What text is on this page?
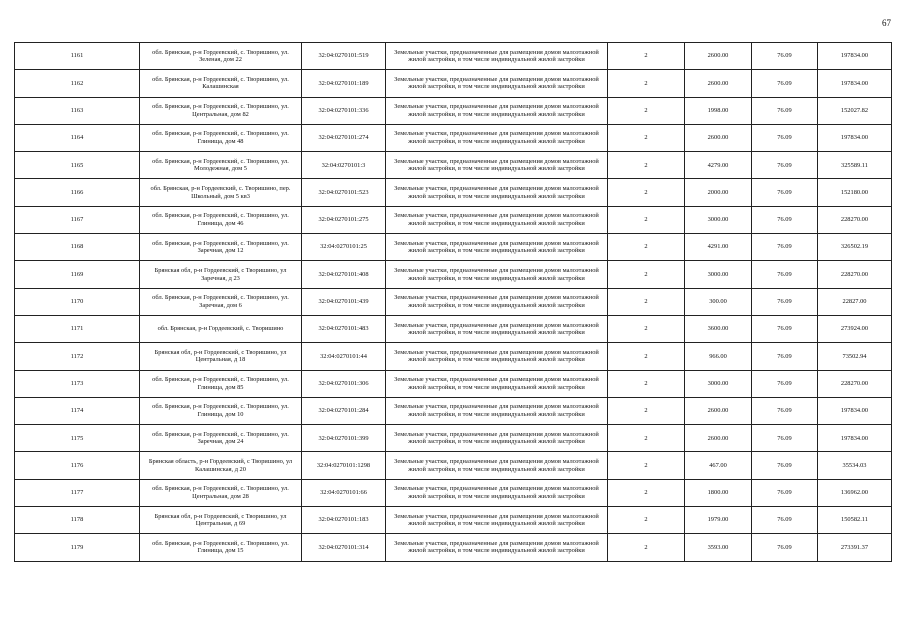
67
1161	обл. Брянская, р-н Гордеевский, с. Творишино, ул. Зеленая, дом 22	32:04:0270101:519	Земельные участки, предназначенные для размещения домов малоэтажной жилой застройки, в том числе индивидуальной жилой застройки	2	2600.00	76.09	197834.00
1162	обл. Брянская, р-н Гордеевский, с. Творишино, ул. Калашинская	32:04:0270101:189	Земельные участки, предназначенные для размещения домов малоэтажной жилой застройки, в том числе индивидуальной жилой застройки	2	2600.00	76.09	197834.00
1163	обл. Брянская, р-н Гордеевский, с. Творишино, ул. Центральная, дом 82	32:04:0270101:336	Земельные участки, предназначенные для размещения домов малоэтажной жилой застройки, в том числе индивидуальной жилой застройки	2	1998.00	76.09	152027.82
1164	обл. Брянская, р-н Гордеевский, с. Творишино, ул. Глинища, дом 48	32:04:0270101:274	Земельные участки, предназначенные для размещения домов малоэтажной жилой застройки, в том числе индивидуальной жилой застройки	2	2600.00	76.09	197834.00
1165	обл. Брянская, р-н Гордеевский, с. Творишино, ул. Молодежная, дом 5	32:04:0270101:3	Земельные участки, предназначенные для размещения домов малоэтажной жилой застройки, в том числе индивидуальной жилой застройки	2	4279.00	76.09	325589.11
1166	обл. Брянская, р-н Гордеевский, с. Творишино, пер. Школьный, дом 5 кв3	32:04:0270101:523	Земельные участки, предназначенные для размещения домов малоэтажной жилой застройки, в том числе индивидуальной жилой застройки	2	2000.00	76.09	152180.00
1167	обл. Брянская, р-н Гордеевский, с. Творишино, ул. Глинища, дом 46	32:04:0270101:275	Земельные участки, предназначенные для размещения домов малоэтажной жилой застройки, в том числе индивидуальной жилой застройки	2	3000.00	76.09	228270.00
1168	обл. Брянская, р-н Гордеевский, с. Творишино, ул. Заречная, дом 12	32:04:0270101:25	Земельные участки, предназначенные для размещения домов малоэтажной жилой застройки, в том числе индивидуальной жилой застройки	2	4291.00	76.09	326502.19
1169	Брянская обл, р-н Гордеевский, с Творишино, ул Заречная, д 23	32:04:0270101:408	Земельные участки, предназначенные для размещения домов малоэтажной жилой застройки, в том числе индивидуальной жилой застройки	2	3000.00	76.09	228270.00
1170	обл. Брянская, р-н Гордеевский, с. Творишино, ул. Заречная, дом 6	32:04:0270101:439	Земельные участки, предназначенные для размещения домов малоэтажной жилой застройки, в том числе индивидуальной жилой застройки	2	300.00	76.09	22827.00
1171	обл. Брянская, р-н Гордеевский, с. Творишино	32:04:0270101:483	Земельные участки, предназначенные для размещения домов малоэтажной жилой застройки, в том числе индивидуальной жилой застройки	2	3600.00	76.09	273924.00
1172	Брянская обл, р-н Гордеевский, с Творишино, ул Центральная, д 18	32:04:0270101:44	Земельные участки, предназначенные для размещения домов малоэтажной жилой застройки, в том числе индивидуальной жилой застройки	2	966.00	76.09	73502.94
1173	обл. Брянская, р-н Гордеевский, с. Творишино, ул. Глинища, дом 85	32:04:0270101:306	Земельные участки, предназначенные для размещения домов малоэтажной жилой застройки, в том числе индивидуальной жилой застройки	2	3000.00	76.09	228270.00
1174	обл. Брянская, р-н Гордеевский, с. Творишино, ул. Глинища, дом 10	32:04:0270101:284	Земельные участки, предназначенные для размещения домов малоэтажной жилой застройки, в том числе индивидуальной жилой застройки	2	2600.00	76.09	197834.00
1175	обл. Брянская, р-н Гордеевский, с. Творишино, ул. Заречная, дом 24	32:04:0270101:399	Земельные участки, предназначенные для размещения домов малоэтажной жилой застройки, в том числе индивидуальной жилой застройки	2	2600.00	76.09	197834.00
1176	Брянская область, р-н Гордеевский, с Творишино, ул Калашинская, д 20	32:04:0270101:1298	Земельные участки, предназначенные для размещения домов малоэтажной жилой застройки, в том числе индивидуальной жилой застройки	2	467.00	76.09	35534.03
1177	обл. Брянская, р-н Гордеевский, с. Творишино, ул. Центральная, дом 28	32:04:0270101:66	Земельные участки, предназначенные для размещения домов малоэтажной жилой застройки, в том числе индивидуальной жилой застройки	2	1800.00	76.09	136962.00
1178	Брянская обл, р-н Гордеевский, с Творишино, ул Центральная, д 69	32:04:0270101:183	Земельные участки, предназначенные для размещения домов малоэтажной жилой застройки, в том числе индивидуальной жилой застройки	2	1979.00	76.09	150582.11
1179	обл. Брянская, р-н Гордеевский, с. Творишино, ул. Глинища, дом 15	32:04:0270101:314	Земельные участки, предназначенные для размещения домов малоэтажной жилой застройки, в том числе индивидуальной жилой застройки	2	3593.00	76.09	273391.37
